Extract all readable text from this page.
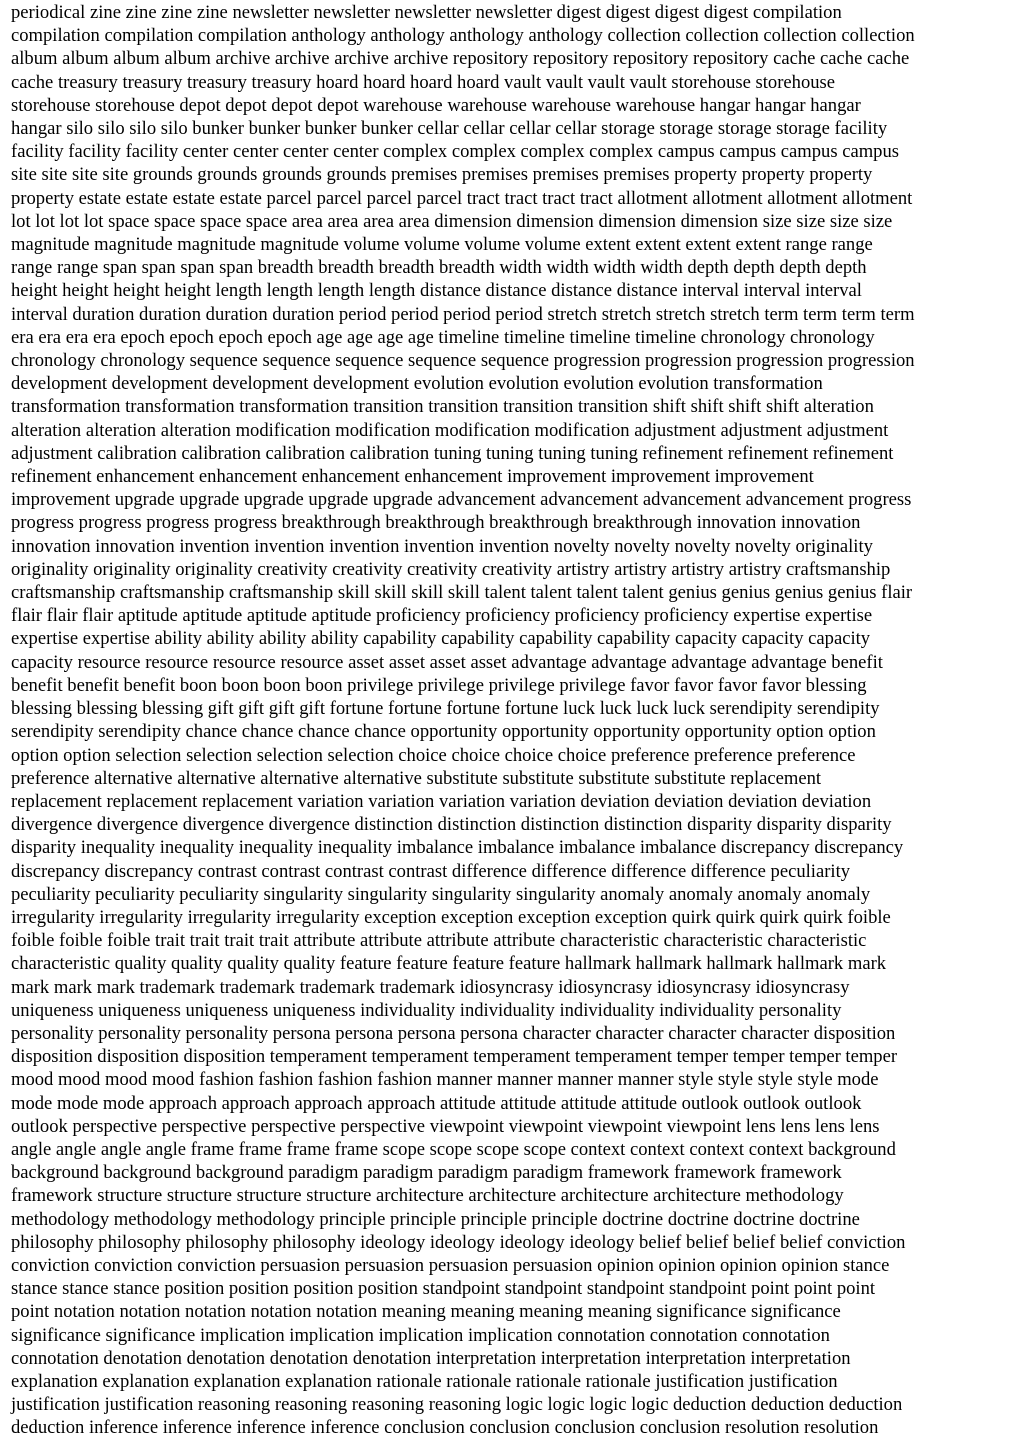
periodical zine zine zine zine newsletter newsletter newsletter newsletter digest digest digest digest compilation
compilation compilation compilation anthology anthology anthology anthology collection collection collection collection
album album album album archive archive archive archive repository repository repository repository cache cache cache
cache treasury treasury treasury treasury hoard hoard hoard hoard vault vault vault vault storehouse storehouse
storehouse storehouse depot depot depot depot warehouse warehouse warehouse warehouse hangar hangar hangar
hangar silo silo silo silo bunker bunker bunker bunker cellar cellar cellar cellar storage storage storage storage facility
facility facility facility center center center center complex complex complex complex campus campus campus campus
site site site site grounds grounds grounds grounds premises premises premises premises property property property
property estate estate estate estate parcel parcel parcel parcel tract tract tract tract allotment allotment allotment allotment
lot lot lot lot space space space space area area area area dimension dimension dimension dimension size size size size
magnitude magnitude magnitude magnitude volume volume volume volume extent extent extent extent range range
range range span span span span breadth breadth breadth breadth width width width width depth depth depth depth
height height height height length length length length distance distance distance distance interval interval interval
interval duration duration duration duration period period period period stretch stretch stretch stretch term term term term
era era era era epoch epoch epoch epoch age age age age timeline timeline timeline timeline chronology chronology
chronology chronology sequence sequence sequence sequence sequence progression progression progression progression
development development development development evolution evolution evolution evolution transformation
transformation transformation transformation transition transition transition transition shift shift shift shift alteration
alteration alteration alteration modification modification modification modification adjustment adjustment adjustment
adjustment calibration calibration calibration calibration tuning tuning tuning tuning refinement refinement refinement
refinement enhancement enhancement enhancement enhancement improvement improvement improvement
improvement upgrade upgrade upgrade upgrade upgrade advancement advancement advancement advancement progress
progress progress progress progress breakthrough breakthrough breakthrough breakthrough innovation innovation
innovation innovation invention invention invention invention invention novelty novelty novelty novelty originality
originality originality originality creativity creativity creativity creativity artistry artistry artistry artistry craftsmanship
craftsmanship craftsmanship craftsmanship skill skill skill skill talent talent talent talent genius genius genius genius flair
flair flair flair aptitude aptitude aptitude aptitude proficiency proficiency proficiency proficiency expertise expertise
expertise expertise ability ability ability ability capability capability capability capability capacity capacity capacity
capacity resource resource resource resource asset asset asset asset advantage advantage advantage advantage benefit
benefit benefit benefit boon boon boon boon privilege privilege privilege privilege favor favor favor favor blessing
blessing blessing blessing gift gift gift gift fortune fortune fortune fortune luck luck luck luck serendipity serendipity
serendipity serendipity chance chance chance chance opportunity opportunity opportunity opportunity option option
option option selection selection selection selection choice choice choice choice preference preference preference
preference alternative alternative alternative alternative substitute substitute substitute substitute replacement
replacement replacement replacement variation variation variation variation deviation deviation deviation deviation
divergence divergence divergence divergence distinction distinction distinction distinction disparity disparity disparity
disparity inequality inequality inequality inequality imbalance imbalance imbalance imbalance discrepancy discrepancy
discrepancy discrepancy contrast contrast contrast contrast difference difference difference difference peculiarity
peculiarity peculiarity peculiarity singularity singularity singularity singularity anomaly anomaly anomaly anomaly
irregularity irregularity irregularity irregularity exception exception exception exception quirk quirk quirk quirk foible
foible foible foible trait trait trait trait attribute attribute attribute attribute characteristic characteristic characteristic
characteristic quality quality quality quality feature feature feature feature hallmark hallmark hallmark hallmark mark
mark mark mark trademark trademark trademark trademark idiosyncrasy idiosyncrasy idiosyncrasy idiosyncrasy
uniqueness uniqueness uniqueness uniqueness individuality individuality individuality individuality personality
personality personality personality persona persona persona persona character character character character disposition
disposition disposition disposition temperament temperament temperament temperament temper temper temper temper
mood mood mood mood fashion fashion fashion fashion manner manner manner manner style style style style mode
mode mode mode approach approach approach approach attitude attitude attitude attitude outlook outlook outlook
outlook perspective perspective perspective perspective viewpoint viewpoint viewpoint viewpoint lens lens lens lens
angle angle angle angle frame frame frame frame scope scope scope scope context context context context background
background background background paradigm paradigm paradigm paradigm framework framework framework
framework structure structure structure structure architecture architecture architecture architecture methodology
methodology methodology methodology principle principle principle principle doctrine doctrine doctrine doctrine
philosophy philosophy philosophy philosophy ideology ideology ideology ideology belief belief belief belief conviction
conviction conviction conviction persuasion persuasion persuasion persuasion opinion opinion opinion opinion stance
stance stance stance position position position position standpoint standpoint standpoint standpoint point point point
point notation notation notation notation notation meaning meaning meaning meaning significance significance
significance significance implication implication implication implication connotation connotation connotation
connotation denotation denotation denotation denotation interpretation interpretation interpretation interpretation
explanation explanation explanation explanation rationale rationale rationale rationale justification justification
justification justification reasoning reasoning reasoning reasoning logic logic logic logic deduction deduction deduction
deduction inference inference inference inference conclusion conclusion conclusion conclusion resolution resolution
